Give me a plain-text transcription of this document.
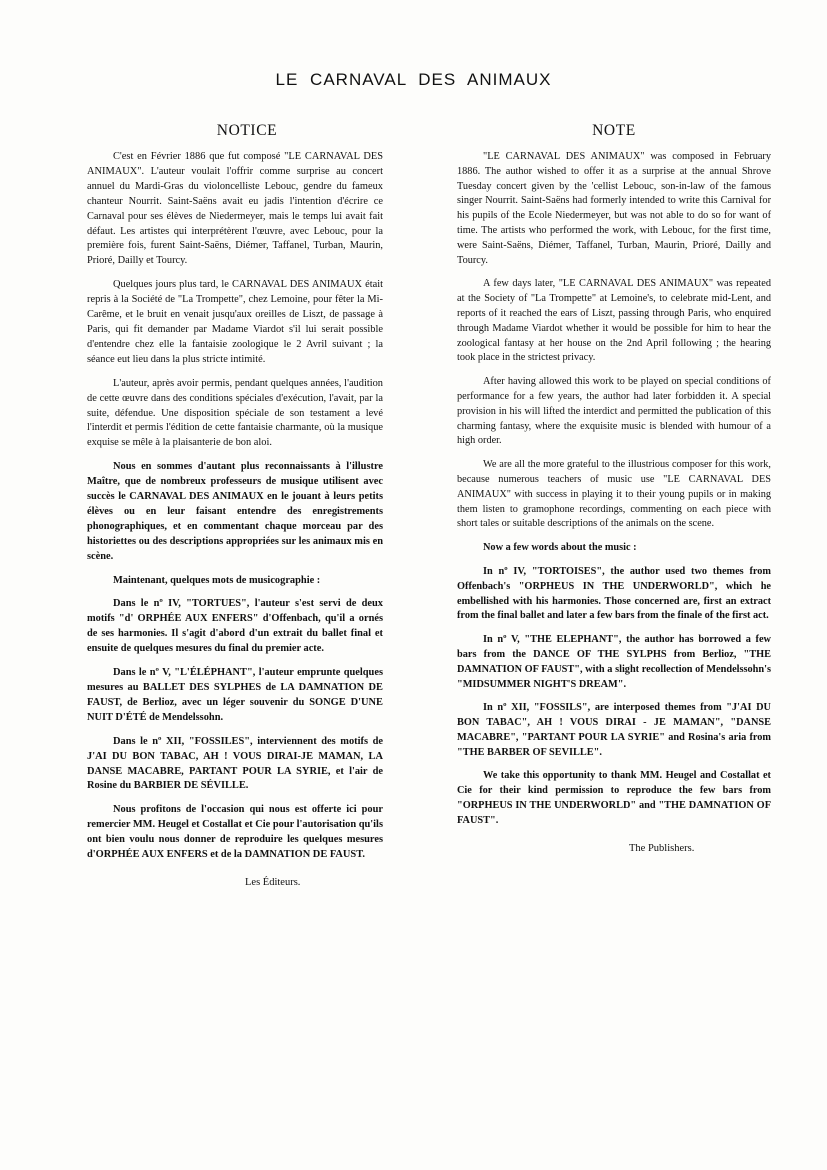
LE CARNAVAL DES ANIMAUX
NOTICE

C'est en Février 1886 que fut composé "LE CARNAVAL DES ANIMAUX". L'auteur voulait l'offrir comme surprise au concert annuel du Mardi-Gras du violoncelliste Lebouc, gendre du fameux chanteur Nourrit. Saint-Saëns avait eu jadis l'intention d'écrire ce Carnaval pour ses élèves de Niedermeyer, mais le temps lui avait fait défaut. Les artistes qui interprétèrent l'œuvre, avec Lebouc, pour la première fois, furent Saint-Saëns, Diémer, Taffanel, Turban, Maurin, Prioré, Dailly et Tourcy.

Quelques jours plus tard, le CARNAVAL DES ANIMAUX était repris à la Société de "La Trompette", chez Lemoine, pour fêter la Mi-Carême, et le bruit en venait jusqu'aux oreilles de Liszt, de passage à Paris, qui fit demander par Madame Viardot s'il lui serait possible d'entendre chez elle la fantaisie zoologique le 2 Avril suivant ; la séance eut lieu dans la plus stricte intimité.

L'auteur, après avoir permis, pendant quelques années, l'audition de cette œuvre dans des conditions spéciales d'exécution, l'avait, par la suite, défendue. Une disposition spéciale de son testament a levé l'interdit et permis l'édition de cette fantaisie charmante, où la musique exquise se mêle à la plaisanterie de bon aloi.

Nous en sommes d'autant plus reconnaissants à l'illustre Maître, que de nombreux professeurs de musique utilisent avec succès le CARNAVAL DES ANIMAUX en le jouant à leurs petits élèves ou en leur faisant entendre des enregistrements phonographiques, et en commentant chaque morceau par des historiettes ou des descriptions appropriées sur les animaux mis en scène.

Maintenant, quelques mots de musicographie :

Dans le nº IV, "TORTUES", l'auteur s'est servi de deux motifs "d' ORPHÉE AUX ENFERS" d'Offenbach, qu'il a ornés de ses harmonies. Il s'agit d'abord d'un extrait du ballet final et ensuite de quelques mesures du final du premier acte.

Dans le nº V, "L'ÉLÉPHANT", l'auteur emprunte quelques mesures au BALLET DES SYLPHES de LA DAMNATION DE FAUST, de Berlioz, avec un léger souvenir du SONGE D'UNE NUIT D'ÉTÉ de Mendelssohn.

Dans le nº XII, "FOSSILES", interviennent des motifs de J'AI DU BON TABAC, AH ! VOUS DIRAI-JE MAMAN, LA DANSE MACABRE, PARTANT POUR LA SYRIE, et l'air de Rosine du BARBIER DE SÉVILLE.

Nous profitons de l'occasion qui nous est offerte ici pour remercier MM. Heugel et Costallat et Cie pour l'autorisation qu'ils ont bien voulu nous donner de reproduire les quelques mesures d'ORPHÉE AUX ENFERS et de la DAMNATION DE FAUST.

Les Éditeurs.
NOTE

"LE CARNAVAL DES ANIMAUX" was composed in February 1886. The author wished to offer it as a surprise at the annual Shrove Tuesday concert given by the 'cellist Lebouc, son-in-law of the famous singer Nourrit. Saint-Saëns had formerly intended to write this Carnival for his pupils of the Ecole Niedermeyer, but was not able to do so for want of time. The artists who performed the work, with Lebouc, for the first time, were Saint-Saëns, Diémer, Taffanel, Turban, Maurin, Prioré, Dailly and Tourcy.

A few days later, "LE CARNAVAL DES ANIMAUX" was repeated at the Society of "La Trompette" at Lemoine's, to celebrate mid-Lent, and reports of it reached the ears of Liszt, passing through Paris, who enquired through Madame Viardot whether it would be possible for him to hear the zoological fantasy at her house on the 2nd April following ; the hearing took place in the strictest privacy.

After having allowed this work to be played on special conditions of performance for a few years, the author had later forbidden it. A special provision in his will lifted the interdict and permitted the publication of this charming fantasy, where the exquisite music is blended with humour of a high order.

We are all the more grateful to the illustrious composer for this work, because numerous teachers of music use "LE CARNAVAL DES ANIMAUX" with success in playing it to their young pupils or in making them listen to gramophone recordings, commenting on each piece with short tales or suitable descriptions of the animals on the scene.

Now a few words about the music :

In nº IV, "TORTOISES", the author used two themes from Offenbach's "ORPHEUS IN THE UNDERWORLD", which he embellished with his harmonies. Those concerned are, first an extract from the final ballet and later a few bars from the finale of the first act.

In nº V, "THE ELEPHANT", the author has borrowed a few bars from the DANCE OF THE SYLPHS from Berlioz, "THE DAMNATION OF FAUST", with a slight recollection of Mendelssohn's "MIDSUMMER NIGHT'S DREAM".

In nº XII, "FOSSILS", are interposed themes from "J'AI DU BON TABAC", AH ! VOUS DIRAI - JE MAMAN", "DANSE MACABRE", "PARTANT POUR LA SYRIE" and Rosina's aria from "THE BARBER OF SEVILLE".

We take this opportunity to thank MM. Heugel and Costallat et Cie for their kind permission to reproduce the few bars from "ORPHEUS IN THE UNDERWORLD" and "THE DAMNATION OF FAUST".

The Publishers.
